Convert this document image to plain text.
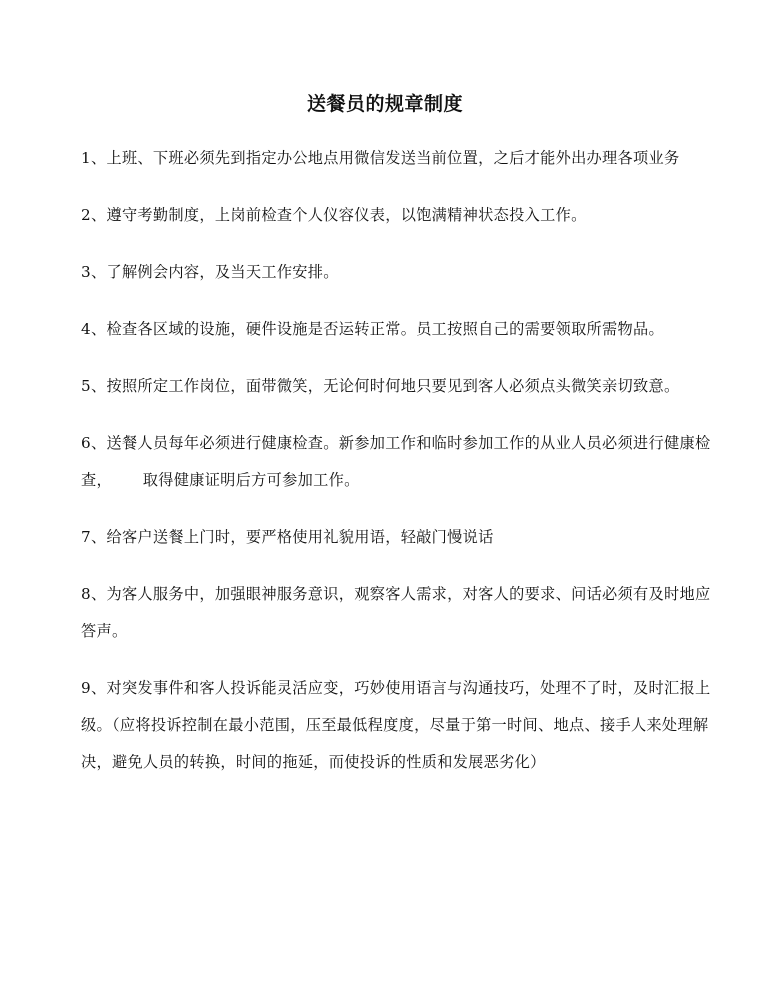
送餐员的规章制度

1、上班、下班必须先到指定办公地点用微信发送当前位置，之后才能外出办理各项业务

2、遵守考勤制度，上岗前检查个人仪容仪表，以饱满精神状态投入工作。

3、了解例会内容，及当天工作安排。

4、检查各区域的设施，硬件设施是否运转正常。员工按照自己的需要领取所需物品。

5、按照所定工作岗位，面带微笑，无论何时何地只要见到客人必须点头微笑亲切致意。

6、送餐人员每年必须进行健康检查。新参加工作和临时参加工作的从业人员必须进行健康检查，      取得健康证明后方可参加工作。

7、给客户送餐上门时，要严格使用礼貌用语，轻敲门慢说话

8、为客人服务中，加强眼神服务意识，观察客人需求，对客人的要求、问话必须有及时地应答声。

9、对突发事件和客人投诉能灵活应变，巧妙使用语言与沟通技巧，处理不了时，及时汇报上级。（应将投诉控制在最小范围，压至最低程度度，尽量于第一时间、地点、接手人来处理解决，避免人员的转换，时间的拖延，而使投诉的性质和发展恶劣化）
